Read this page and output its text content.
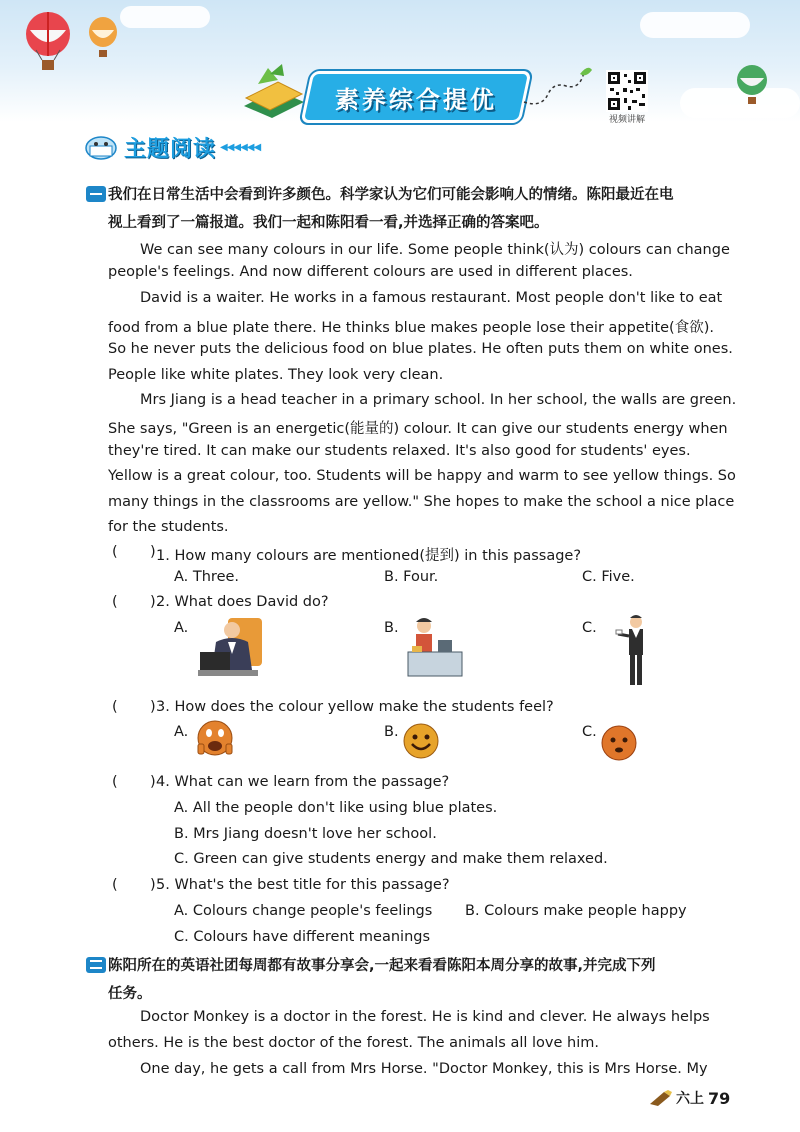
素养综合提优
视频讲解
主题阅读 ◀◀◀◀◀◀
我们在日常生活中会看到许多颜色。科学家认为它们可能会影响人的情绪。陈阳最近在电
视上看到了一篇报道。我们一起和陈阳看一看,并选择正确的答案吧。
We can see many colours in our life. Some people think(认为) colours can change
people's feelings. And now different colours are used in different places.
David is a waiter. He works in a famous restaurant. Most people don't like to eat
food from a blue plate there. He thinks blue makes people lose their appetite(食欲).
So he never puts the delicious food on blue plates. He often puts them on white ones.
People like white plates. They look very clean.
Mrs Jiang is a head teacher in a primary school. In her school, the walls are green.
She says, "Green is an energetic(能量的) colour. It can give our students energy when
they're tired. It can make our students relaxed. It's also good for students' eyes.
Yellow is a great colour, too. Students will be happy and warm to see yellow things. So
many things in the classrooms are yellow." She hopes to make the school a nice place
for the students.
( ) 1. How many colours are mentioned(提到) in this passage?
A. Three.	B. Four.	C. Five.
( ) 2. What does David do?
A.	B.	C.
( ) 3. How does the colour yellow make the students feel?
A.	B.	C.
( ) 4. What can we learn from the passage?
A. All the people don't like using blue plates.
B. Mrs Jiang doesn't love her school.
C. Green can give students energy and make them relaxed.
( ) 5. What's the best title for this passage?
A. Colours change people's feelings B. Colours make people happy
C. Colours have different meanings
陈阳所在的英语社团每周都有故事分享会,一起来看看陈阳本周分享的故事,并完成下列
任务。
Doctor Monkey is a doctor in the forest. He is kind and clever. He always helps
others. He is the best doctor of the forest. The animals all love him.
One day, he gets a call from Mrs Horse. "Doctor Monkey, this is Mrs Horse. My
六上 79
